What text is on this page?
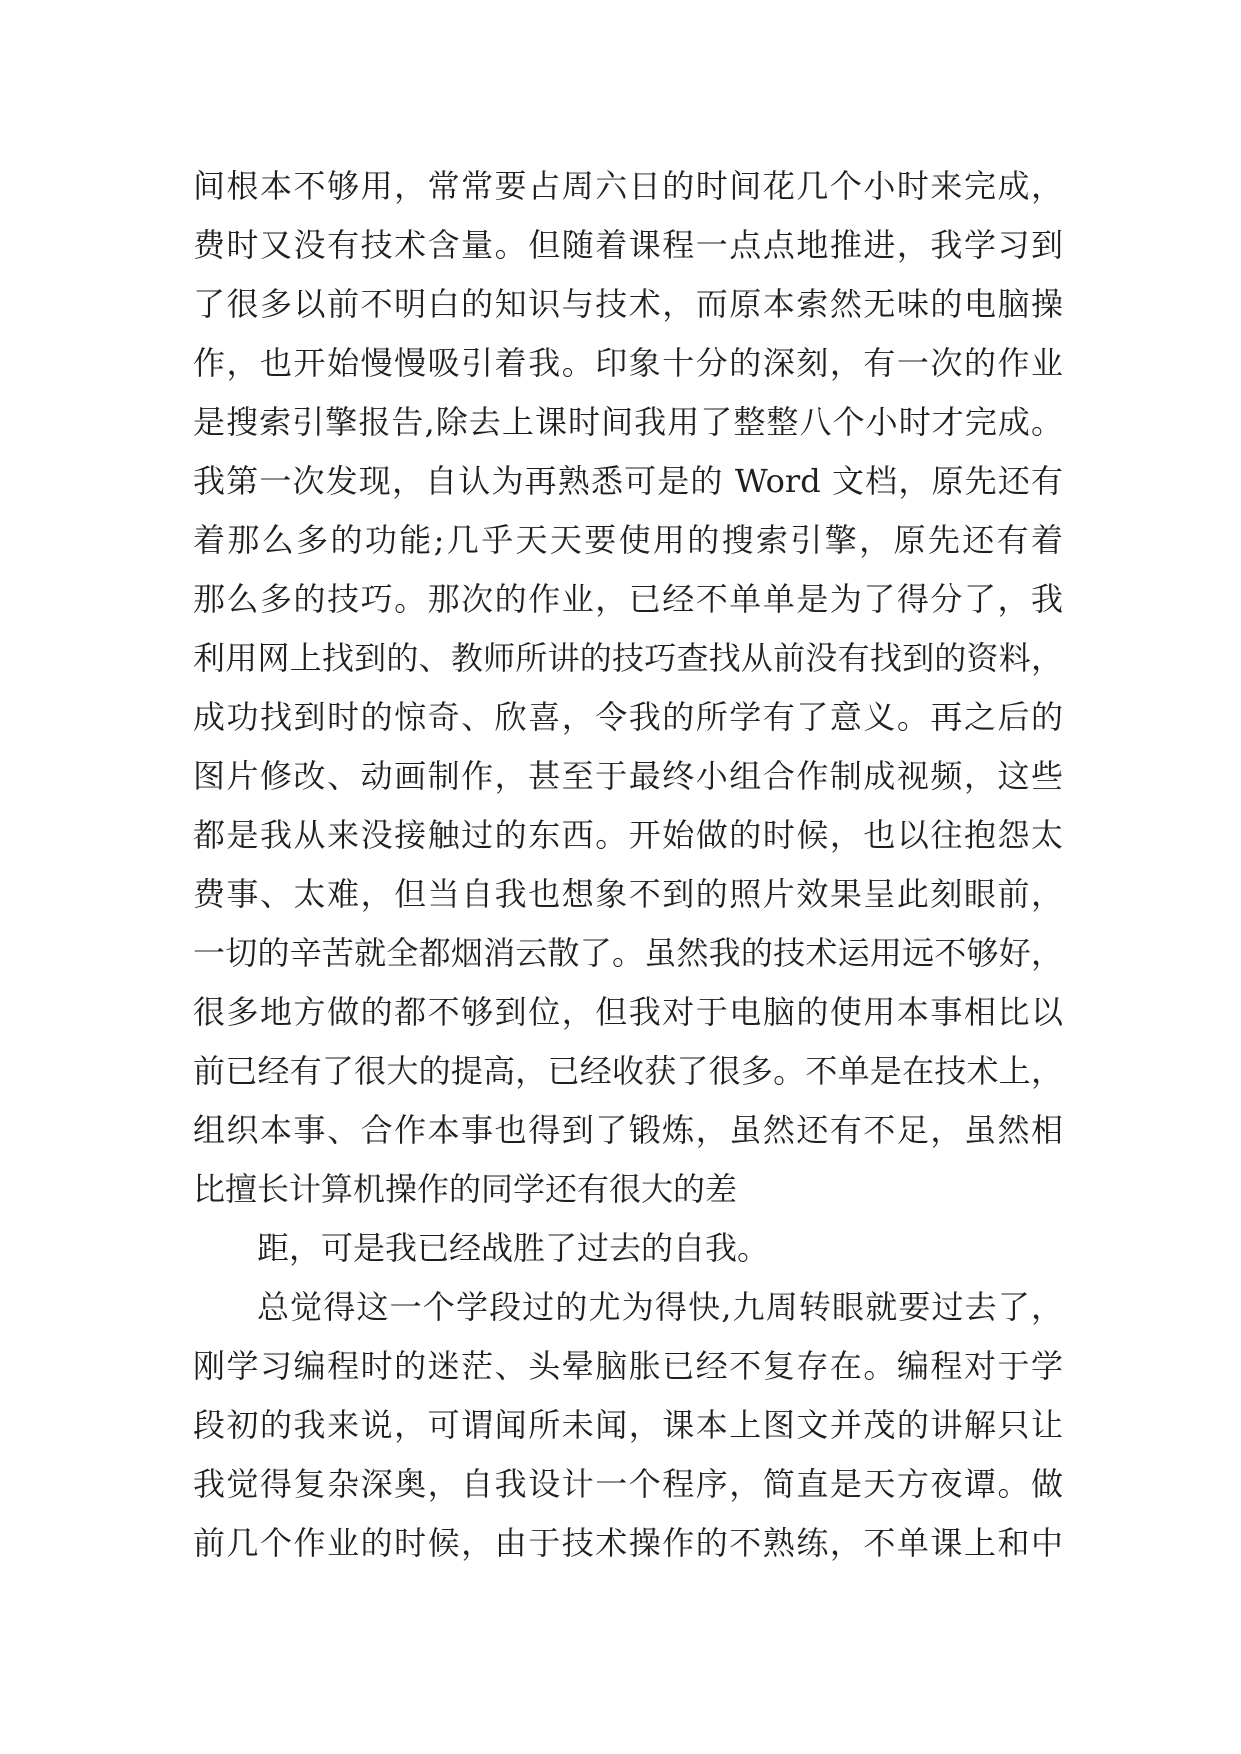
间根本不够用，常常要占周六日的时间花几个小时来完成，
费时又没有技术含量。但随着课程一点点地推进，我学习到
了很多以前不明白的知识与技术，而原本索然无味的电脑操
作，也开始慢慢吸引着我。印象十分的深刻，有一次的作业
是搜索引擎报告,除去上课时间我用了整整八个小时才完成。
我第一次发现，自认为再熟悉可是的 Word 文档，原先还有
着那么多的功能;几乎天天要使用的搜索引擎，原先还有着
那么多的技巧。那次的作业，已经不单单是为了得分了，我
利用网上找到的、教师所讲的技巧查找从前没有找到的资料，
成功找到时的惊奇、欣喜，令我的所学有了意义。再之后的
图片修改、动画制作，甚至于最终小组合作制成视频，这些
都是我从来没接触过的东西。开始做的时候，也以往抱怨太
费事、太难，但当自我也想象不到的照片效果呈此刻眼前，
一切的辛苦就全都烟消云散了。虽然我的技术运用远不够好，
很多地方做的都不够到位，但我对于电脑的使用本事相比以
前已经有了很大的提高，已经收获了很多。不单是在技术上，
组织本事、合作本事也得到了锻炼，虽然还有不足，虽然相
比擅长计算机操作的同学还有很大的差
距，可是我已经战胜了过去的自我。
总觉得这一个学段过的尤为得快,九周转眼就要过去了，
刚学习编程时的迷茫、头晕脑胀已经不复存在。编程对于学
段初的我来说，可谓闻所未闻，课本上图文并茂的讲解只让
我觉得复杂深奥，自我设计一个程序，简直是天方夜谭。做
前几个作业的时候，由于技术操作的不熟练，不单课上和中
